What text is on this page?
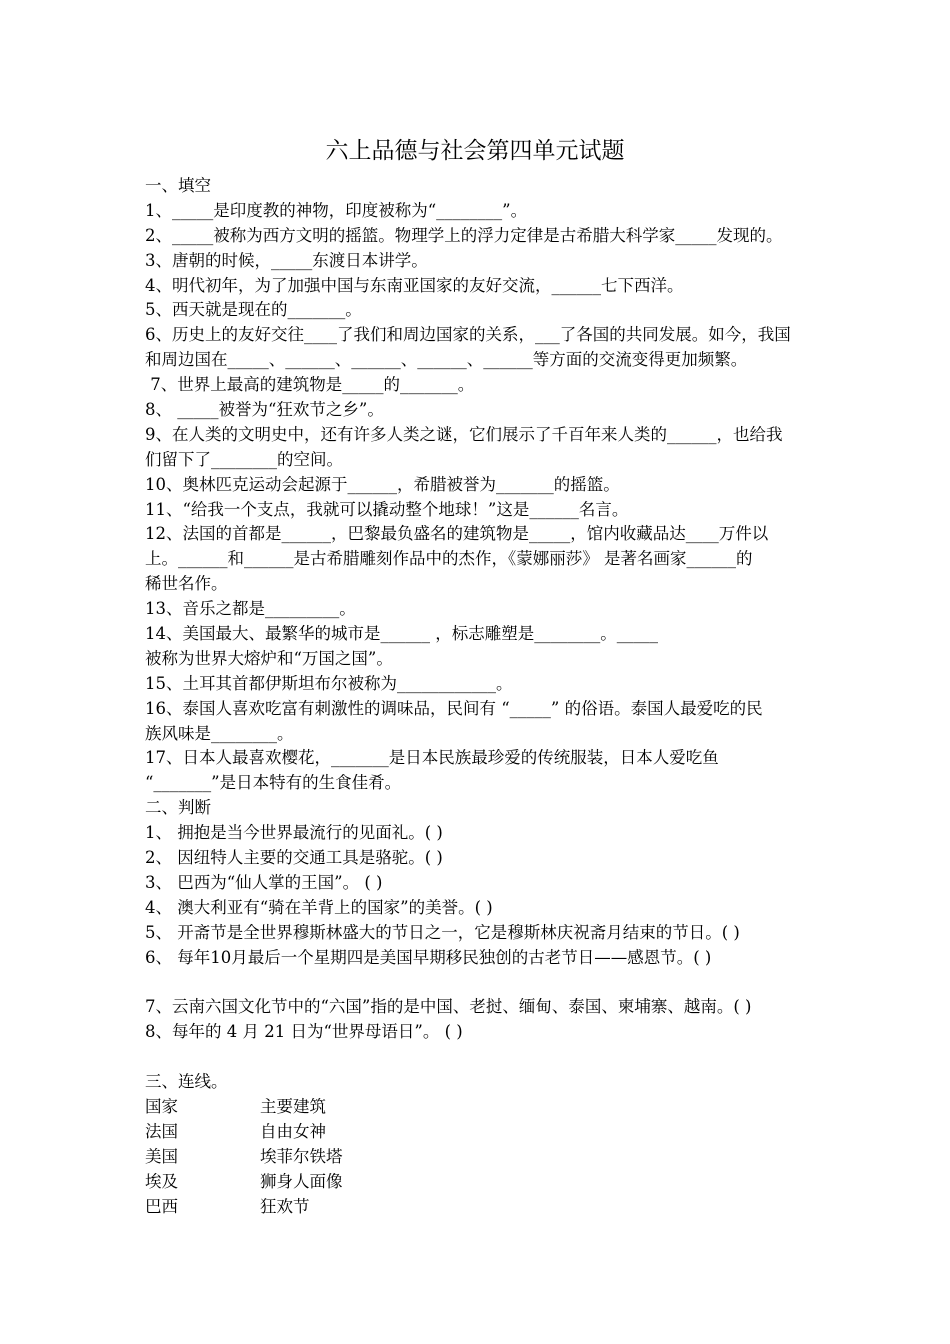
六上品德与社会第四单元试题
一、填空
1、_____是印度教的神物，印度被称为“________”。
2、_____被称为西方文明的摇篮。物理学上的浮力定律是古希腊大科学家_____发现的。
3、唐朝的时候，_____东渡日本讲学。
4、明代初年，为了加强中国与东南亚国家的友好交流，______七下西洋。
5、西天就是现在的_______。
6、历史上的友好交往____了我们和周边国家的关系，___了各国的共同发展。如今，我国
和周边国在_____、______、______、______、______等方面的交流变得更加频繁。
7、世界上最高的建筑物是_____的_______。
8、 _____被誉为“狂欢节之乡”。
9、在人类的文明史中，还有许多人类之谜，它们展示了千百年来人类的______，也给我
们留下了________的空间。
10、奥林匹克运动会起源于______，希腊被誉为_______的摇篮。
11、“给我一个支点，我就可以撬动整个地球！”这是______名言。
12、法国的首都是______，巴黎最负盛名的建筑物是_____，馆内收藏品达____万件以
上。______和______是古希腊雕刻作品中的杰作，《蒙娜丽莎》 是著名画家______的
稀世名作。
13、音乐之都是_________。
14、美国最大、最繁华的城市是______ ，标志雕塑是________。_____
被称为世界大熔炉和“万国之国”。
15、土耳其首都伊斯坦布尔被称为____________。
16、泰国人喜欢吃富有刺激性的调味品，民间有 “_____” 的俗语。泰国人最爱吃的民
族风味是________。
17、日本人最喜欢樱花，_______是日本民族最珍爱的传统服装，日本人爱吃鱼
“_______”是日本特有的生食佳肴。
二、判断
1、 拥抱是当今世界最流行的见面礼。( )
2、 因纽特人主要的交通工具是骆驼。( )
3、 巴西为“仙人掌的王国”。 ( )
4、 澳大利亚有“骑在羊背上的国家”的美誉。( )
5、 开斋节是全世界穆斯林盛大的节日之一，它是穆斯林庆祝斋月结束的节日。( )
6、 每年10月最后一个星期四是美国早期移民独创的古老节日——感恩节。( )
7、云南六国文化节中的“六国”指的是中国、老挝、缅甸、泰国、柬埔寨、越南。( )
8、每年的 4 月 21 日为“世界母语日”。 ( )
三、连线。
国家	主要建筑
法国	自由女神
美国	埃菲尔铁塔
埃及	狮身人面像
巴西	狂欢节
